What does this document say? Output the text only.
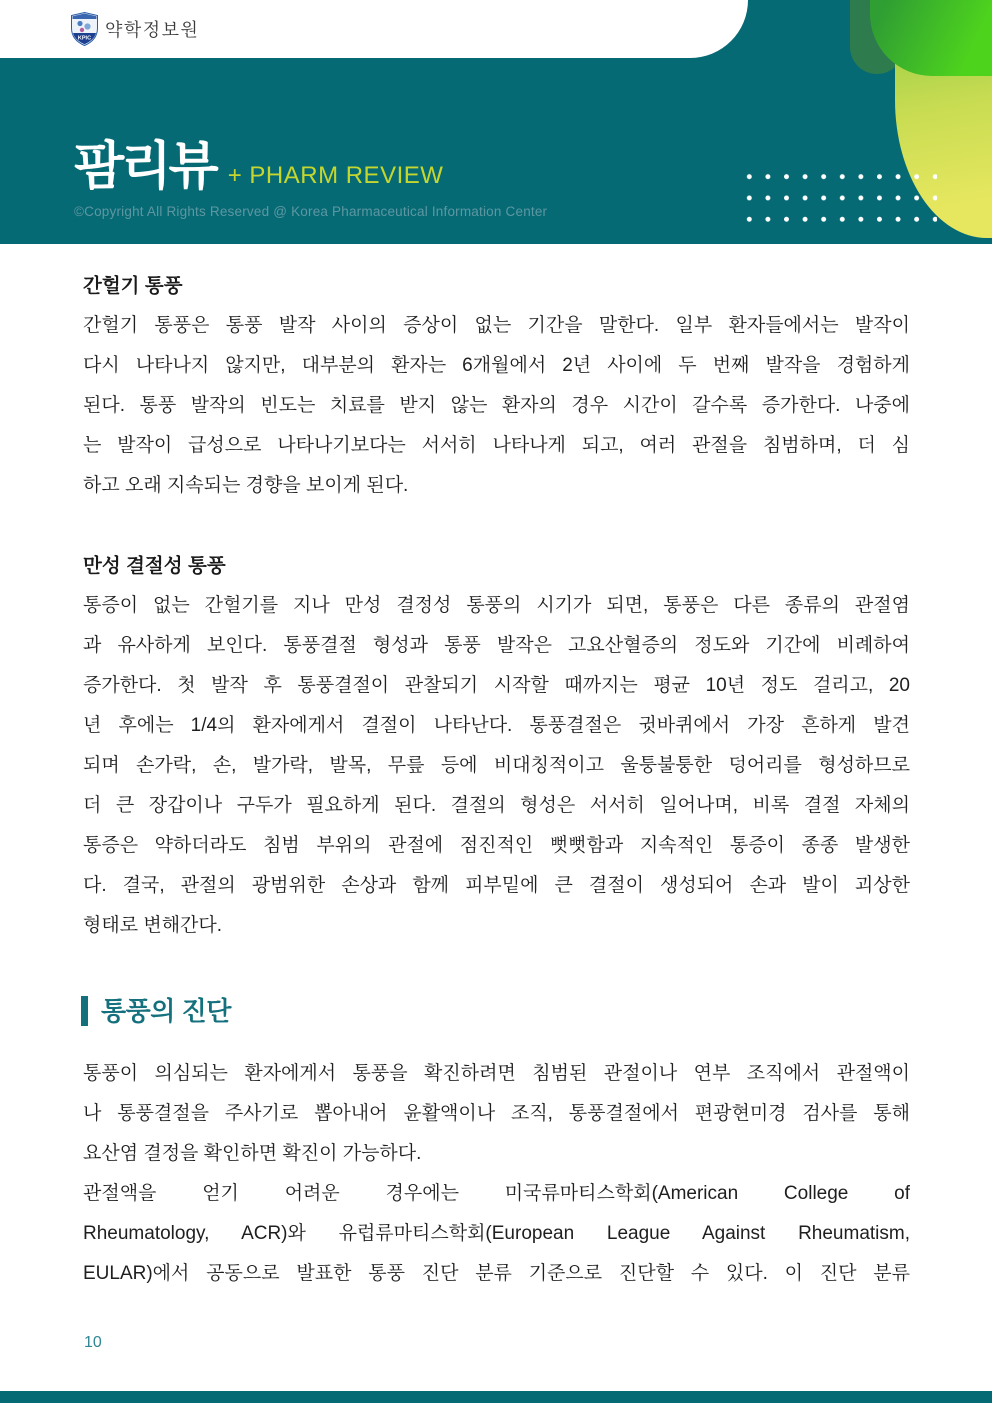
KPIC 약학정보원
팜리뷰 + PHARM REVIEW
©Copyright All Rights Reserved @ Korea Pharmaceutical Information Center
간헐기 통풍
간헐기 통풍은 통풍 발작 사이의 증상이 없는 기간을 말한다. 일부 환자들에서는 발작이
다시 나타나지 않지만, 대부분의 환자는 6개월에서 2년 사이에 두 번째 발작을 경험하게
된다. 통풍 발작의 빈도는 치료를 받지 않는 환자의 경우 시간이 갈수록 증가한다. 나중에
는 발작이 급성으로 나타나기보다는 서서히 나타나게 되고, 여러 관절을 침범하며, 더 심
하고 오래 지속되는 경향을 보이게 된다.
만성 결절성 통풍
통증이 없는 간헐기를 지나 만성 결정성 통풍의 시기가 되면, 통풍은 다른 종류의 관절염
과 유사하게 보인다. 통풍결절 형성과 통풍 발작은 고요산혈증의 정도와 기간에 비례하여
증가한다. 첫 발작 후 통풍결절이 관찰되기 시작할 때까지는 평균 10년 정도 걸리고, 20
년 후에는 1/4의 환자에게서 결절이 나타난다. 통풍결절은 귓바퀴에서 가장 흔하게 발견
되며 손가락, 손, 발가락, 발목, 무릎 등에 비대칭적이고 울퉁불퉁한 덩어리를 형성하므로
더 큰 장갑이나 구두가 필요하게 된다. 결절의 형성은 서서히 일어나며, 비록 결절 자체의
통증은 약하더라도 침범 부위의 관절에 점진적인 뻣뻣함과 지속적인 통증이 종종 발생한
다. 결국, 관절의 광범위한 손상과 함께 피부밑에 큰 결절이 생성되어 손과 발이 괴상한
형태로 변해간다.
통풍의 진단
통풍이 의심되는 환자에게서 통풍을 확진하려면 침범된 관절이나 연부 조직에서 관절액이
나 통풍결절을 주사기로 뽑아내어 윤활액이나 조직, 통풍결절에서 편광현미경 검사를 통해
요산염 결정을 확인하면 확진이 가능하다.
관절액을 얻기 어려운 경우에는 미국류마티스학회(American College of
Rheumatology, ACR)와 유럽류마티스학회(European League Against Rheumatism,
EULAR)에서 공동으로 발표한 통풍 진단 분류 기준으로 진단할 수 있다. 이 진단 분류
10
